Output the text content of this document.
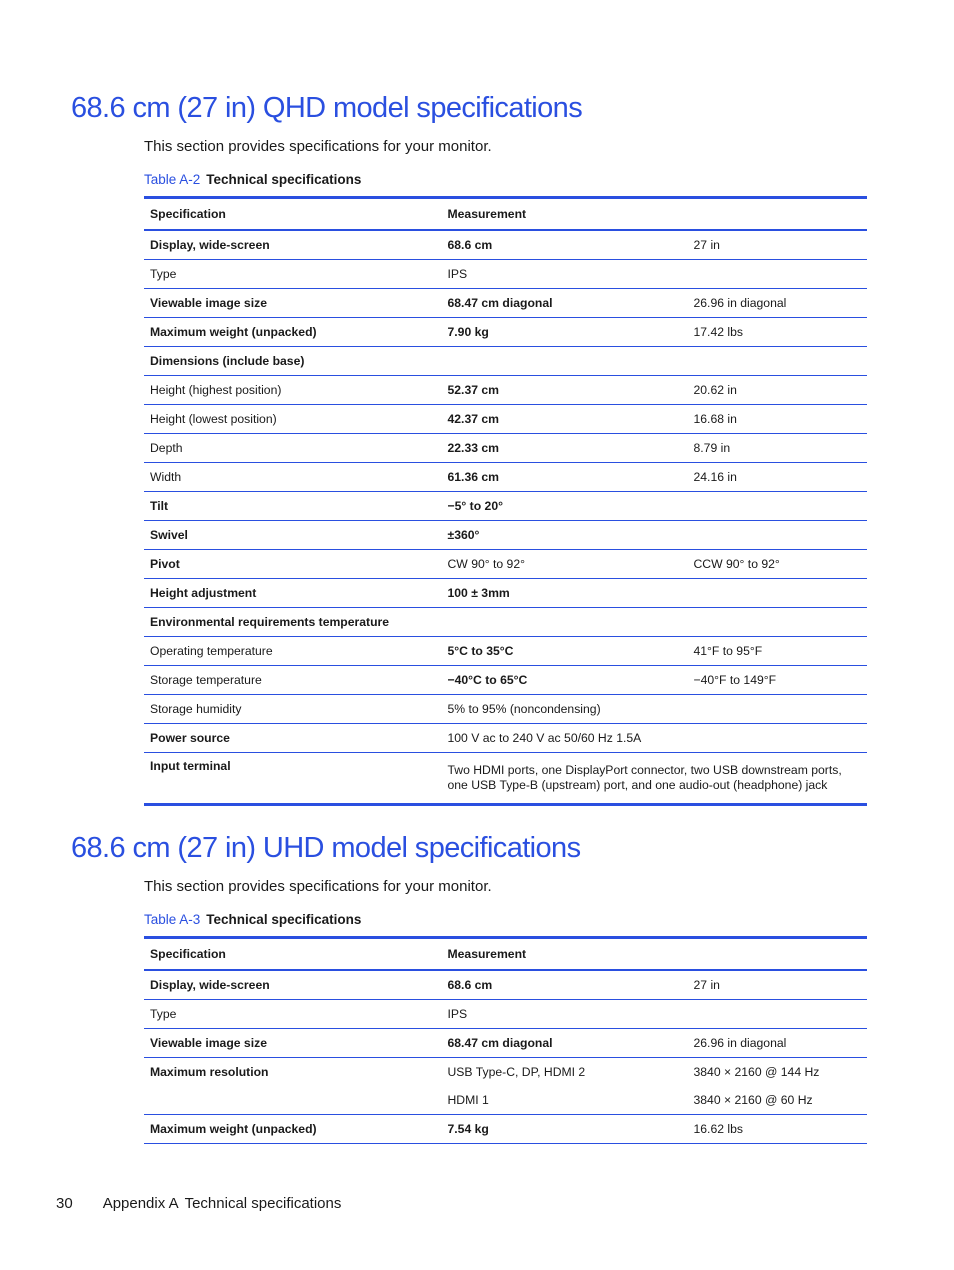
68.6 cm (27 in) QHD model specifications

This section provides specifications for your monitor.

Table A-2 Technical specifications

Specification	Measurement	
Display, wide-screen	68.6 cm	27 in
Type	IPS	
Viewable image size	68.47 cm diagonal	26.96 in diagonal
Maximum weight (unpacked)	7.90 kg	17.42 lbs
Dimensions (include base)		
Height (highest position)	52.37 cm	20.62 in
Height (lowest position)	42.37 cm	16.68 in
Depth	22.33 cm	8.79 in
Width	61.36 cm	24.16 in
Tilt	−5° to 20°	
Swivel	±360°	
Pivot	CW 90° to 92°	CCW 90° to 92°
Height adjustment	100 ± 3mm	
Environmental requirements temperature		
Operating temperature	5°C to 35°C	41°F to 95°F
Storage temperature	−40°C to 65°C	−40°F to 149°F
Storage humidity	5% to 95% (noncondensing)	
Power source	100 V ac to 240 V ac 50/60 Hz 1.5A	
Input terminal	Two HDMI ports, one DisplayPort connector, two USB downstream ports, one USB Type-B (upstream) port, and one audio-out (headphone) jack	
68.6 cm (27 in) UHD model specifications

This section provides specifications for your monitor.

Table A-3 Technical specifications

Specification	Measurement	
Display, wide-screen	68.6 cm	27 in
Type	IPS	
Viewable image size	68.47 cm diagonal	26.96 in diagonal
Maximum resolution	USB Type-C, DP, HDMI 2	3840 × 2160 @ 144 Hz
	HDMI 1	3840 × 2160 @ 60 Hz
Maximum weight (unpacked)	7.54 kg	16.62 lbs

30 Appendix A Technical specifications
